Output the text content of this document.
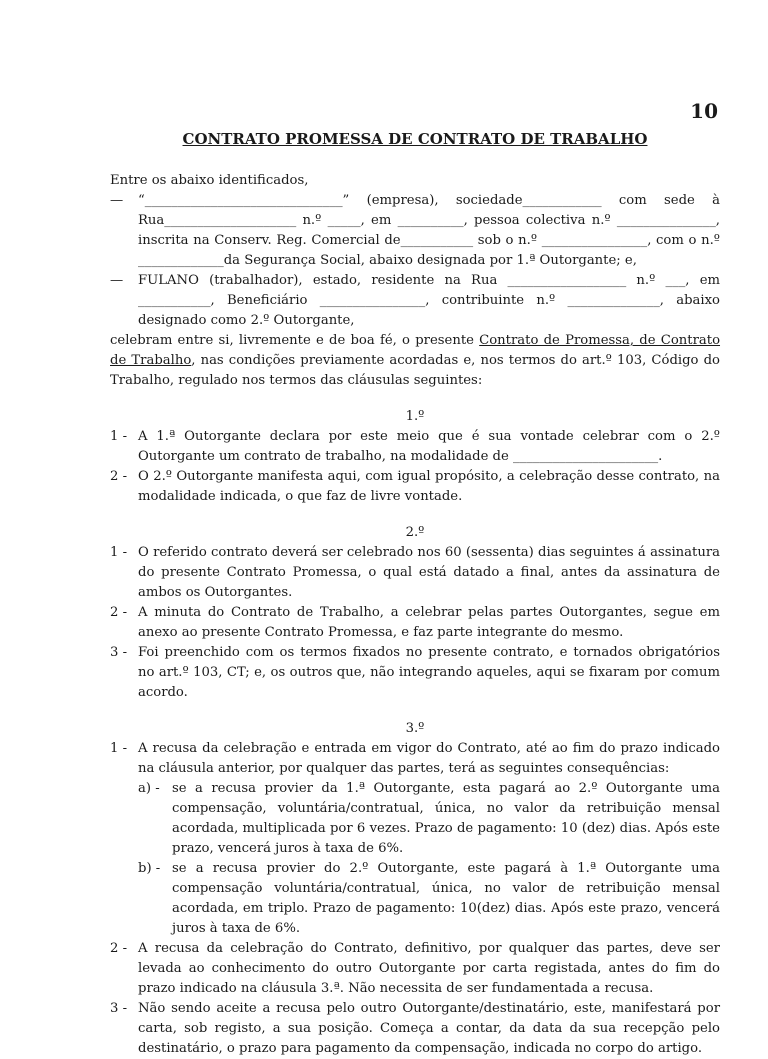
10
CONTRATO PROMESSA DE CONTRATO DE TRABALHO

Entre os abaixo identificados,

—	“______________________________” (empresa), sociedade____________ com sede à Rua____________________ n.º _____, em __________, pessoa colectiva n.º _______________, inscrita na Conserv. Reg. Comercial de___________ sob o n.º ________________, com o n.º _____________da Segurança Social, abaixo designada por 1.ª Outorgante; e,
—	FULANO (trabalhador), estado, residente na Rua __________________ n.º ___, em ___________, Beneficiário ________________, contribuinte n.º ______________, abaixo designado como 2.º Outorgante,

celebram entre si, livremente e de boa fé, o presente Contrato de Promessa, de Contrato de Trabalho, nas condições previamente acordadas e, nos termos do art.º 103, Código do Trabalho, regulado nos termos das cláusulas seguintes:

1.º

1 - A 1.ª Outorgante declara por este meio que é sua vontade celebrar com o 2.º Outorgante um contrato de trabalho, na modalidade de ______________________.
2 - O 2.º Outorgante manifesta aqui, com igual propósito, a celebração desse contrato, na modalidade indicada, o que faz de livre vontade.

2.º

1 - O referido contrato deverá ser celebrado nos 60 (sessenta) dias seguintes á assinatura do presente Contrato Promessa, o qual está datado a final, antes da assinatura de ambos os Outorgantes.
2 - A minuta do Contrato de Trabalho, a celebrar pelas partes Outorgantes, segue em anexo ao presente Contrato Promessa, e faz parte integrante do mesmo.
3 - Foi preenchido com os termos fixados no presente contrato, e tornados obrigatórios no art.º 103, CT; e, os outros que, não integrando aqueles, aqui se fixaram por comum acordo.

3.º

1 - A recusa da celebração e entrada em vigor do Contrato, até ao fim do prazo indicado na cláusula anterior, por qualquer das partes, terá as seguintes consequências:
a) - se a recusa provier da 1.ª Outorgante, esta pagará ao 2.º Outorgante uma compensação, voluntária/contratual, única, no valor da retribuição mensal acordada, multiplicada por 6 vezes. Prazo de pagamento: 10 (dez) dias. Após este prazo, vencerá juros à taxa de 6%.
b) - se a recusa provier do 2.º Outorgante, este pagará à 1.ª Outorgante uma compensação voluntária/contratual, única, no valor de retribuição mensal acordada, em triplo. Prazo de pagamento: 10(dez) dias. Após este prazo, vencerá juros à taxa de 6%.
2 - A recusa da celebração do Contrato, definitivo, por qualquer das partes, deve ser levada ao conhecimento do outro Outorgante por carta registada, antes do fim do prazo indicado na cláusula 3.ª. Não necessita de ser fundamentada a recusa.
3 - Não sendo aceite a recusa pelo outro Outorgante/destinatário, este, manifestará por carta, sob registo, a sua posição. Começa a contar, da data da sua recepção pelo destinatário, o prazo para pagamento da compensação, indicada no corpo do artigo.
